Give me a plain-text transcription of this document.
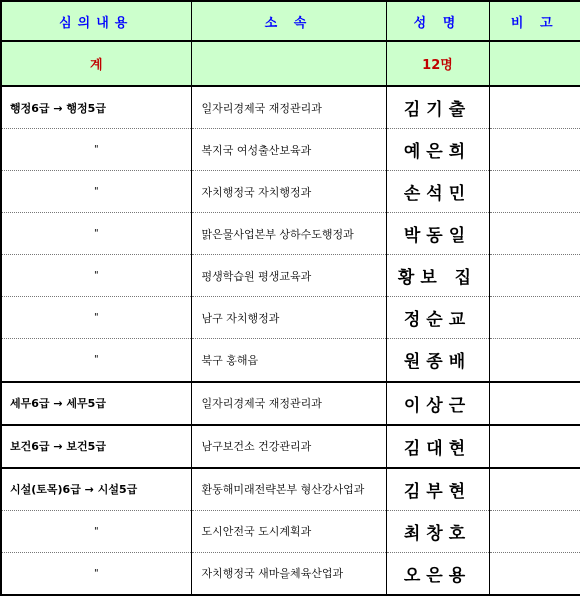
심의내용	소 속	성 명	비 고
계		12명	
행정6급 → 행정5급	일자리경제국 재정관리과	김기출	
"	복지국 여성출산보육과	예은희	
"	자치행정국 자치행정과	손석민	
"	맑은물사업본부 상하수도행정과	박동일	
"	평생학습원 평생교육과	황보 집	
"	남구 자치행정과	정순교	
"	북구 홍해읍	원종배	
세무6급 → 세무5급	일자리경제국 재정관리과	이상근	
보건6급 → 보건5급	남구보건소 건강관리과	김대현	
시설(토목)6급 → 시설5급	환동해미래전략본부 형산강사업과	김부현	
"	도시안전국 도시계획과	최창호	
"	자치행정국 새마을체육산업과	오은용	
